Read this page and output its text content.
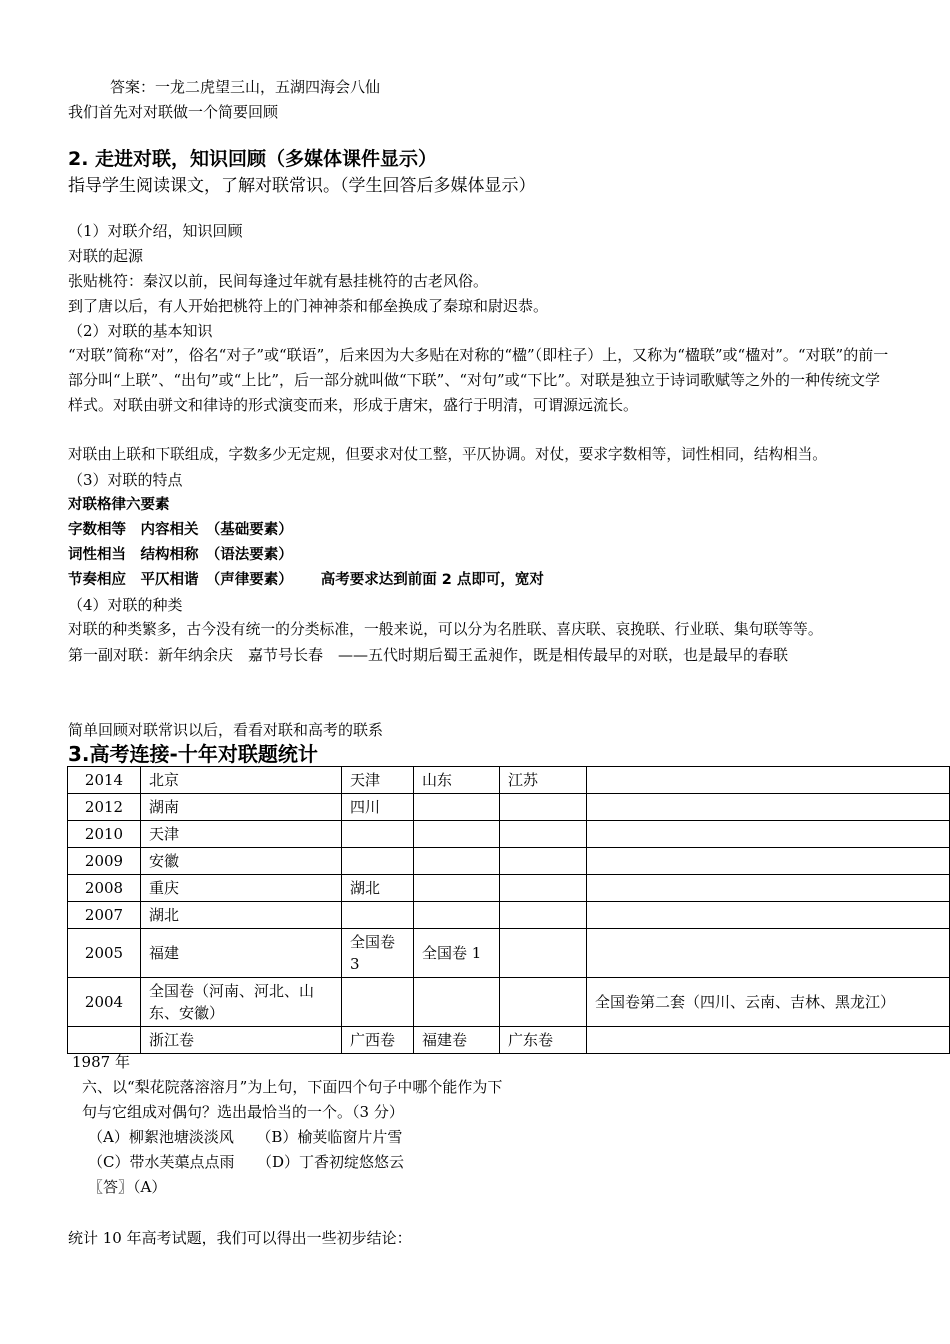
答案：一龙二虎望三山，五湖四海会八仙
我们首先对对联做一个简要回顾
2. 走进对联，知识回顾（多媒体课件显示）指导学生阅读课文，了解对联常识。（学生回答后多媒体显示）
（1）对联介绍，知识回顾
对联的起源
张贴桃符：秦汉以前，民间每逢过年就有悬挂桃符的古老风俗。
到了唐以后，有人开始把桃符上的门神神荼和郁垒换成了秦琼和尉迟恭。
（2）对联的基本知识
“对联”简称“对”，俗名“对子”或“联语”，后来因为大多贴在对称的“楹”（即柱子）上，又称为“楹联”或“楹对”。“对联”的前一部分叫“上联”、“出句”或“上比”，后一部分就叫做“下联”、“对句”或“下比”。对联是独立于诗词歌赋等之外的一种传统文学样式。对联由骈文和律诗的形式演变而来，形成于唐宋，盛行于明清，可谓源远流长。
对联由上联和下联组成，字数多少无定规，但要求对仗工整，平仄协调。对仗，要求字数相等，词性相同，结构相当。
（3）对联的特点
对联格律六要素
字数相等　内容相关　（基础要素）
词性相当　结构相称　（语法要素）
节奏相应　平仄相谐　（声律要素） 高考要求达到前面 2 点即可，宽对
（4）对联的种类
对联的种类繁多，古今没有统一的分类标准，一般来说，可以分为名胜联、喜庆联、哀挽联、行业联、集句联等等。
第一副对联：新年纳余庆　嘉节号长春　——五代时期后蜀王孟昶作，既是相传最早的对联，也是最早的春联
简单回顾对联常识以后，看看对联和高考的联系
3.高考连接-十年对联题统计
2014	北京	天津	山东	江苏	
2012	湖南	四川			
2010	天津				
2009	安徽				
2008	重庆	湖北			
2007	湖北				
2005	福建	全国卷 3	全国卷 1		
2004	全国卷（河南、河北、山东、安徽）				全国卷第二套（四川、云南、吉林、黑龙江）
	浙江卷	广西卷	福建卷	广东卷	
1987 年
六、以“梨花院落溶溶月”为上句，下面四个句子中哪个能作为下
句与它组成对偶句？选出最恰当的一个。（3 分）
（A）柳絮池塘淡淡风　　（B）榆荚临窗片片雪
（C）带水芙蕖点点雨　　（D）丁香初绽悠悠云
〖答〗（A）
统计 10 年高考试题，我们可以得出一些初步结论：
